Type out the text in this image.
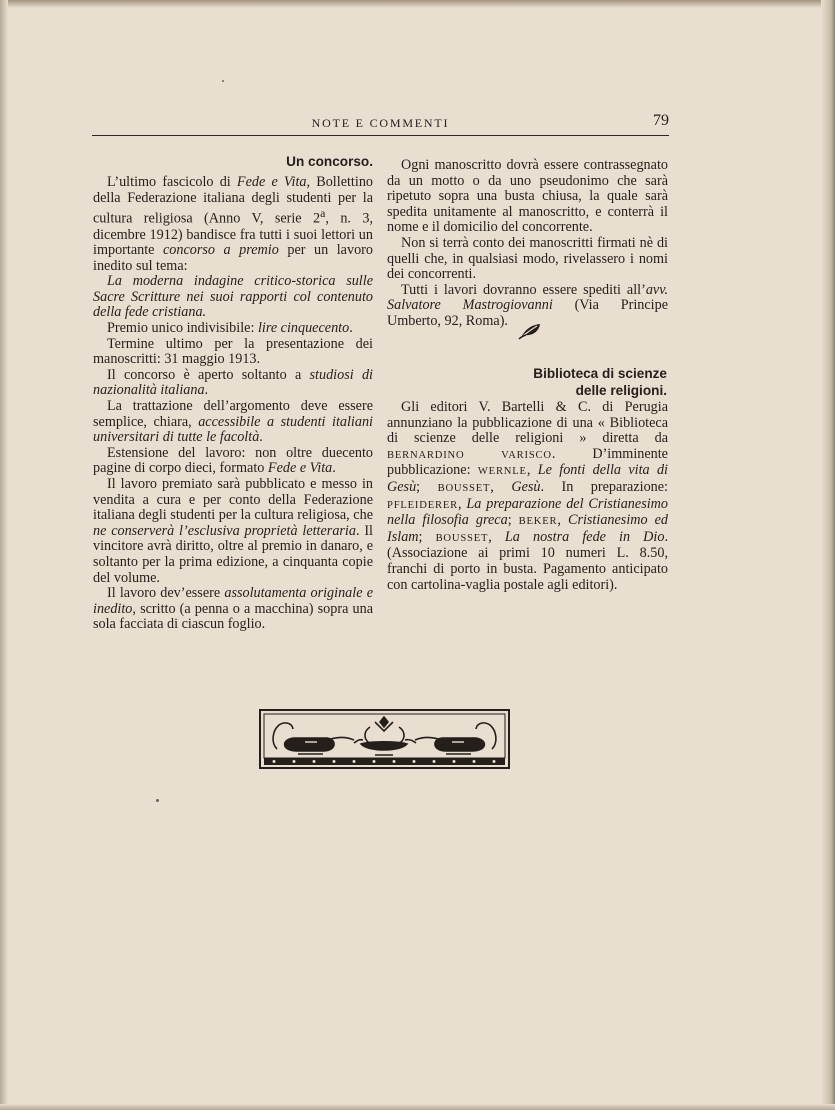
NOTE E COMMENTI	79
Un concorso.

L’ultimo fascicolo di Fede e Vita, Bollettino della Federazione italiana degli studenti per la cultura religiosa (Anno V, serie 2$^a$, n. 3, dicembre 1912) bandisce fra tutti i suoi lettori un importante concorso a premio per un lavoro inedito sul tema:

La moderna indagine critico-storica sulle Sacre Scritture nei suoi rapporti col contenuto della fede cristiana.

Premio unico indivisibile: lire cinquecento.

Termine ultimo per la presentazione dei manoscritti: 31 maggio 1913.

Il concorso è aperto soltanto a studiosi di nazionalità italiana.

La trattazione dell’argomento deve essere semplice, chiara, accessibile a studenti italiani universitari di tutte le facoltà.

Estensione del lavoro: non oltre duecento pagine di corpo dieci, formato Fede e Vita.

Il lavoro premiato sarà pubblicato e messo in vendita a cura e per conto della Federazione italiana degli studenti per la cultura religiosa, che ne conserverà l’esclusiva proprietà letteraria. Il vincitore avrà diritto, oltre al premio in danaro, e soltanto per la prima edizione, a cinquanta copie del volume.

Il lavoro dev’essere assolutamenta originale e inedito, scritto (a penna o a macchina) sopra una sola facciata di ciascun foglio.

Ogni manoscritto dovrà essere contrassegnato da un motto o da uno pseudonimo che sarà ripetuto sopra una busta chiusa, la quale sarà spedita unitamente al manoscritto, e conterrà il nome e il domicilio del concorrente.

Non si terrà conto dei manoscritti firmati nè di quelli che, in qualsiasi modo, rivelassero i nomi dei concorrenti.

Tutti i lavori dovranno essere spediti all’avv. Salvatore Mastrogiovanni (Via Principe Umberto, 92, Roma).

Biblioteca di scienze delle religioni.

Gli editori V. Bartelli & C. di Perugia annunziano la pubblicazione di una « Biblioteca di scienze delle religioni » diretta da BERNARDINO VARISCO. D’imminente pubblicazione: WERNLE, Le fonti della vita di Gesù; BOUSSET, Gesù. In preparazione: PFLEIDERER, La preparazione del Cristianesimo nella filosofia greca; BEKER, Cristianesimo ed Islam; BOUSSET, La nostra fede in Dio. (Associazione ai primi 10 numeri L. 8.50, franchi di porto in busta. Pagamento anticipato con cartolina-vaglia postale agli editori).
